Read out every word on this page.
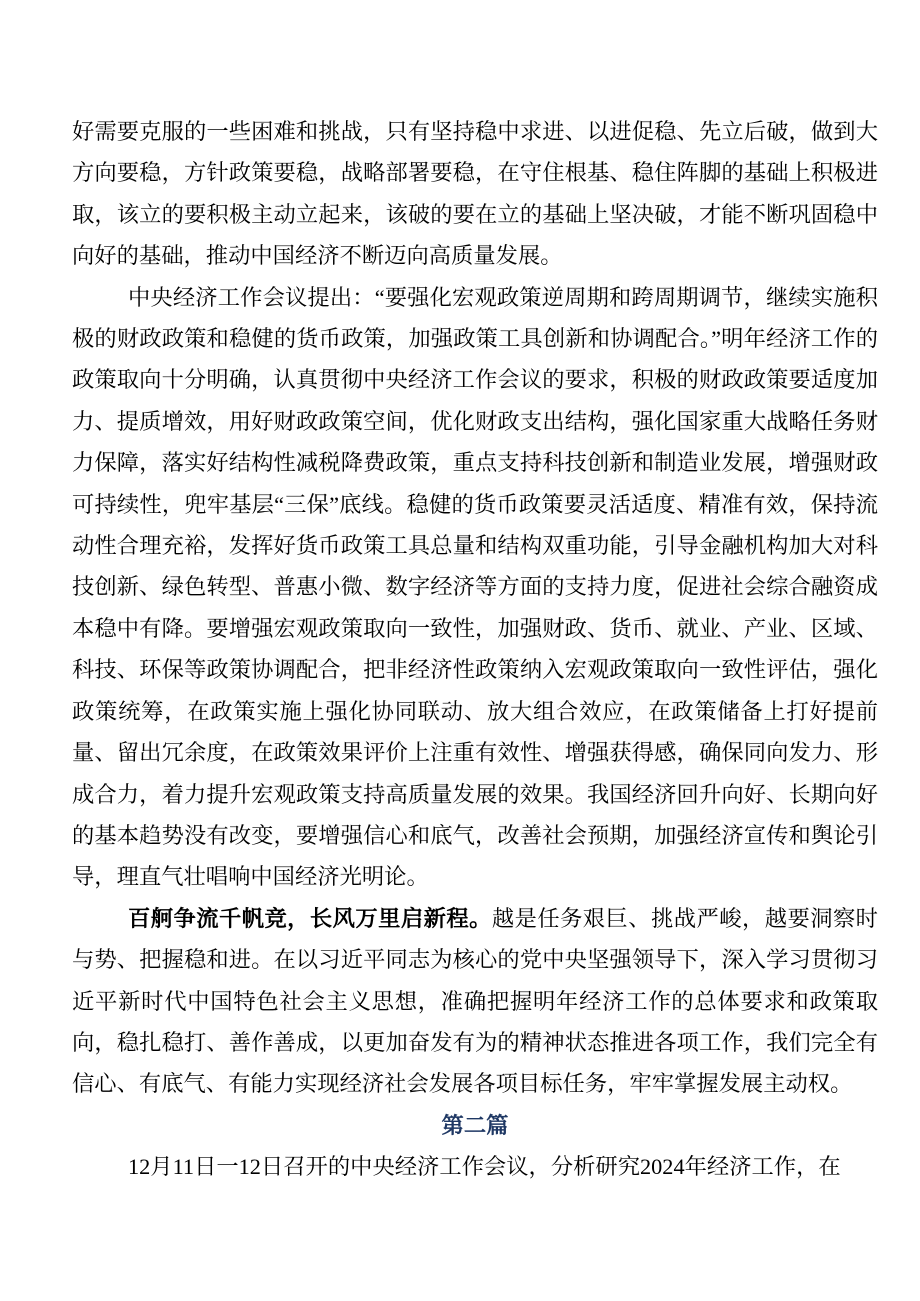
好需要克服的一些困难和挑战，只有坚持稳中求进、以进促稳、先立后破，做到大方向要稳，方针政策要稳，战略部署要稳，在守住根基、稳住阵脚的基础上积极进取，该立的要积极主动立起来，该破的要在立的基础上坚决破，才能不断巩固稳中向好的基础，推动中国经济不断迈向高质量发展。

中央经济工作会议提出：“要强化宏观政策逆周期和跨周期调节，继续实施积极的财政政策和稳健的货币政策，加强政策工具创新和协调配合。”明年经济工作的政策取向十分明确，认真贯彻中央经济工作会议的要求，积极的财政政策要适度加力、提质增效，用好财政政策空间，优化财政支出结构，强化国家重大战略任务财力保障，落实好结构性减税降费政策，重点支持科技创新和制造业发展，增强财政可持续性，兜牢基层“三保”底线。稳健的货币政策要灵活适度、精准有效，保持流动性合理充裕，发挥好货币政策工具总量和结构双重功能，引导金融机构加大对科技创新、绿色转型、普惠小微、数字经济等方面的支持力度，促进社会综合融资成本稳中有降。要增强宏观政策取向一致性，加强财政、货币、就业、产业、区域、科技、环保等政策协调配合，把非经济性政策纳入宏观政策取向一致性评估，强化政策统筹，在政策实施上强化协同联动、放大组合效应，在政策储备上打好提前量、留出冗余度，在政策效果评价上注重有效性、增强获得感，确保同向发力、形成合力，着力提升宏观政策支持高质量发展的效果。我国经济回升向好、长期向好的基本趋势没有改变，要增强信心和底气，改善社会预期，加强经济宣传和舆论引导，理直气壮唱响中国经济光明论。

百舸争流千帆竞，长风万里启新程。越是任务艰巨、挑战严峻，越要洞察时与势、把握稳和进。在以习近平同志为核心的党中央坚强领导下，深入学习贯彻习近平新时代中国特色社会主义思想，准确把握明年经济工作的总体要求和政策取向，稳扎稳打、善作善成，以更加奋发有为的精神状态推进各项工作，我们完全有信心、有底气、有能力实现经济社会发展各项目标任务，牢牢掌握发展主动权。

第二篇

12月11日一12日召开的中央经济工作会议，分析研究2024年经济工作，在
